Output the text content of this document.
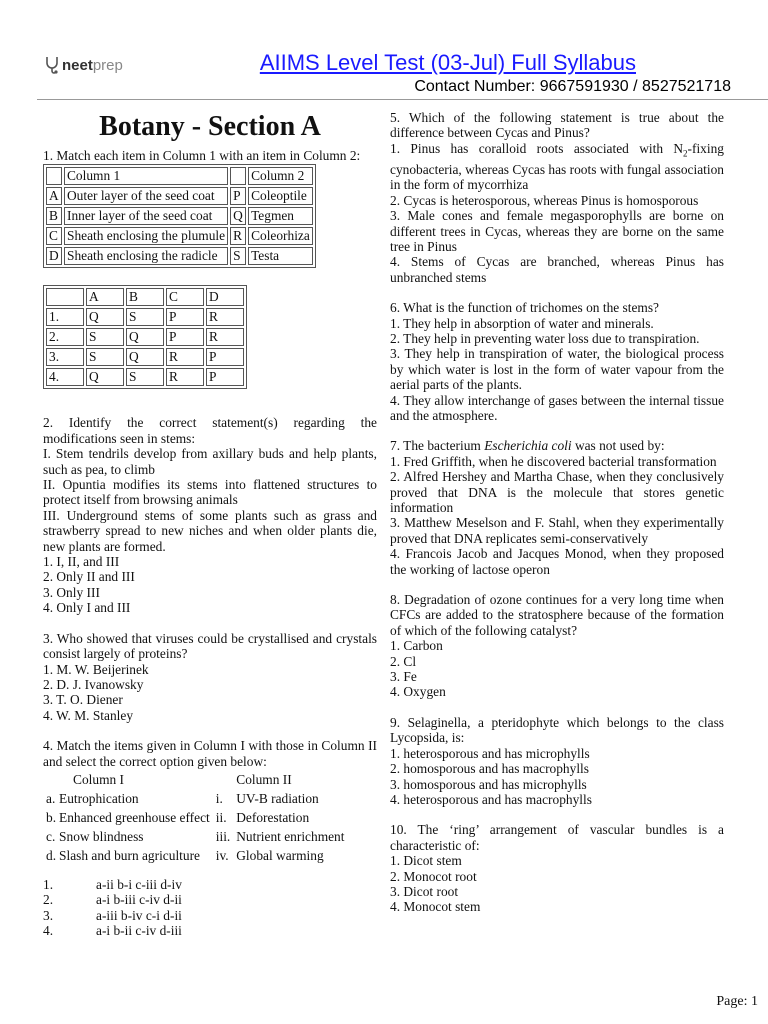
neetprep	AIIMS Level Test (03-Jul) Full Syllabus
Contact Number: 9667591930 / 8527521718
Botany - Section A

1. Match each item in Column 1 with an item in Column 2:

	Column 1		Column 2
A	Outer layer of the seed coat	P	Coleoptile
B	Inner layer of the seed coat	Q	Tegmen
C	Sheath enclosing the plumule	R	Coleorhiza
D	Sheath enclosing the radicle	S	Testa
	A	B	C	D
1.	Q	S	P	R
2.	S	Q	P	R
3.	S	Q	R	P
4.	Q	S	R	P

2. Identify the correct statement(s) regarding the modifications seen in stems:

I. Stem tendrils develop from axillary buds and help plants, such as pea, to climb

II. Opuntia modifies its stems into flattened structures to protect itself from browsing animals

III. Underground stems of some plants such as grass and strawberry spread to new niches and when older plants die, new plants are formed.

1. I, II, and III

2. Only II and III

3. Only III

4. Only I and III

3. Who showed that viruses could be crystallised and crystals consist largely of proteins?

1. M. W. Beijerinek

2. D. J. Ivanowsky

3. T. O. Diener

4. W. M. Stanley

4. Match the items given in Column I with those in Column II and select the correct option given below:

	Column I		Column II
a.	Eutrophication	i.	UV-B radiation
b.	Enhanced greenhouse effect	ii.	Deforestation
c.	Snow blindness	iii.	Nutrient enrichment
d.	Slash and burn agriculture	iv.	Global warming
1.	a-ii b-i c-iii d-iv
2.	a-i b-iii c-iv d-ii
3.	a-iii b-iv c-i d-ii
4.	a-i b-ii c-iv d-iii

5. Which of the following statement is true about the difference between Cycas and Pinus?

1. Pinus has coralloid roots associated with $N_2$-fixing cynobacteria, whereas Cycas has roots with fungal association in the form of mycorrhiza

2. Cycas is heterosporous, whereas Pinus is homosporous

3. Male cones and female megasporophylls are borne on different trees in Cycas, whereas they are borne on the same tree in Pinus

4. Stems of Cycas are branched, whereas Pinus has unbranched stems

6. What is the function of trichomes on the stems?

1. They help in absorption of water and minerals.

2. They help in preventing water loss due to transpiration.

3. They help in transpiration of water, the biological process by which water is lost in the form of water vapour from the aerial parts of the plants.

4. They allow interchange of gases between the internal tissue and the atmosphere.

7. The bacterium Escherichia coli was not used by:

1. Fred Griffith, when he discovered bacterial transformation

2. Alfred Hershey and Martha Chase, when they conclusively proved that DNA is the molecule that stores genetic information

3. Matthew Meselson and F. Stahl, when they experimentally proved that DNA replicates semi-conservatively

4. Francois Jacob and Jacques Monod, when they proposed the working of lactose operon

8. Degradation of ozone continues for a very long time when CFCs are added to the stratosphere because of the formation of which of the following catalyst?

1. Carbon

2. Cl

3. Fe

4. Oxygen

9. Selaginella, a pteridophyte which belongs to the class Lycopsida, is:

1. heterosporous and has microphylls

2. homosporous and has macrophylls

3. homosporous and has microphylls

4. heterosporous and has macrophylls

10. The ‘ring’ arrangement of vascular bundles is a characteristic of:

1. Dicot stem

2. Monocot root

3. Dicot root

4. Monocot stem

Page: 1
